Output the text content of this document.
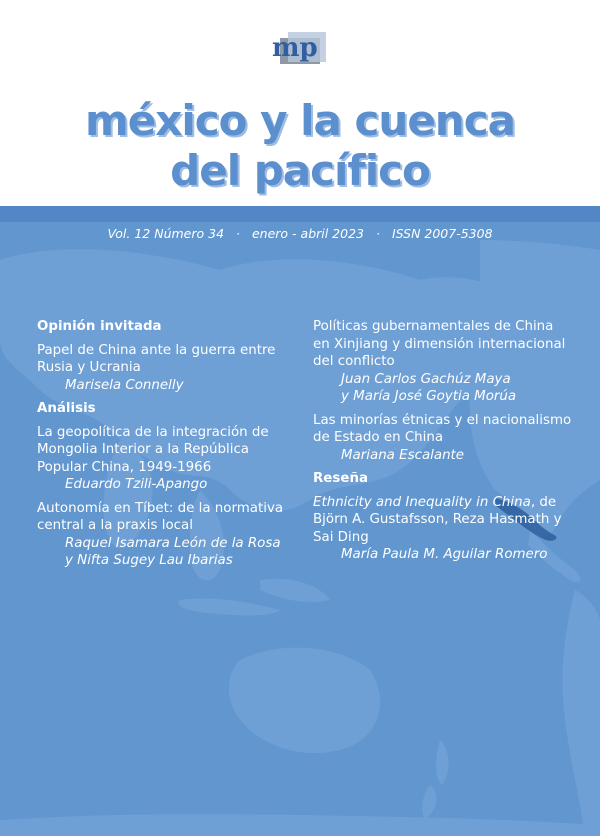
mp
méxico y la cuenca
del pacífico
Vol. 12 Número 34 · enero - abril 2023 · ISSN 2007-5308
Opinión invitada
Papel de China ante la guerra entre Rusia y Ucrania
Marisela Connelly
Análisis
La geopolítica de la integración de Mongolia Interior a la República Popular China, 1949-1966
Eduardo Tzili-Apango
Autonomía en Tíbet: de la normativa central a la praxis local
Raquel Isamara León de la Rosa
y Nifta Sugey Lau Ibarias
Políticas gubernamentales de China en Xinjiang y dimensión internacional del conflicto
Juan Carlos Gachúz Maya
y María José Goytia Morúa
Las minorías étnicas y el nacionalismo de Estado en China
Mariana Escalante
Reseña
Ethnicity and Inequality in China, de Björn A. Gustafsson, Reza Hasmath y Sai Ding
María Paula M. Aguilar Romero
